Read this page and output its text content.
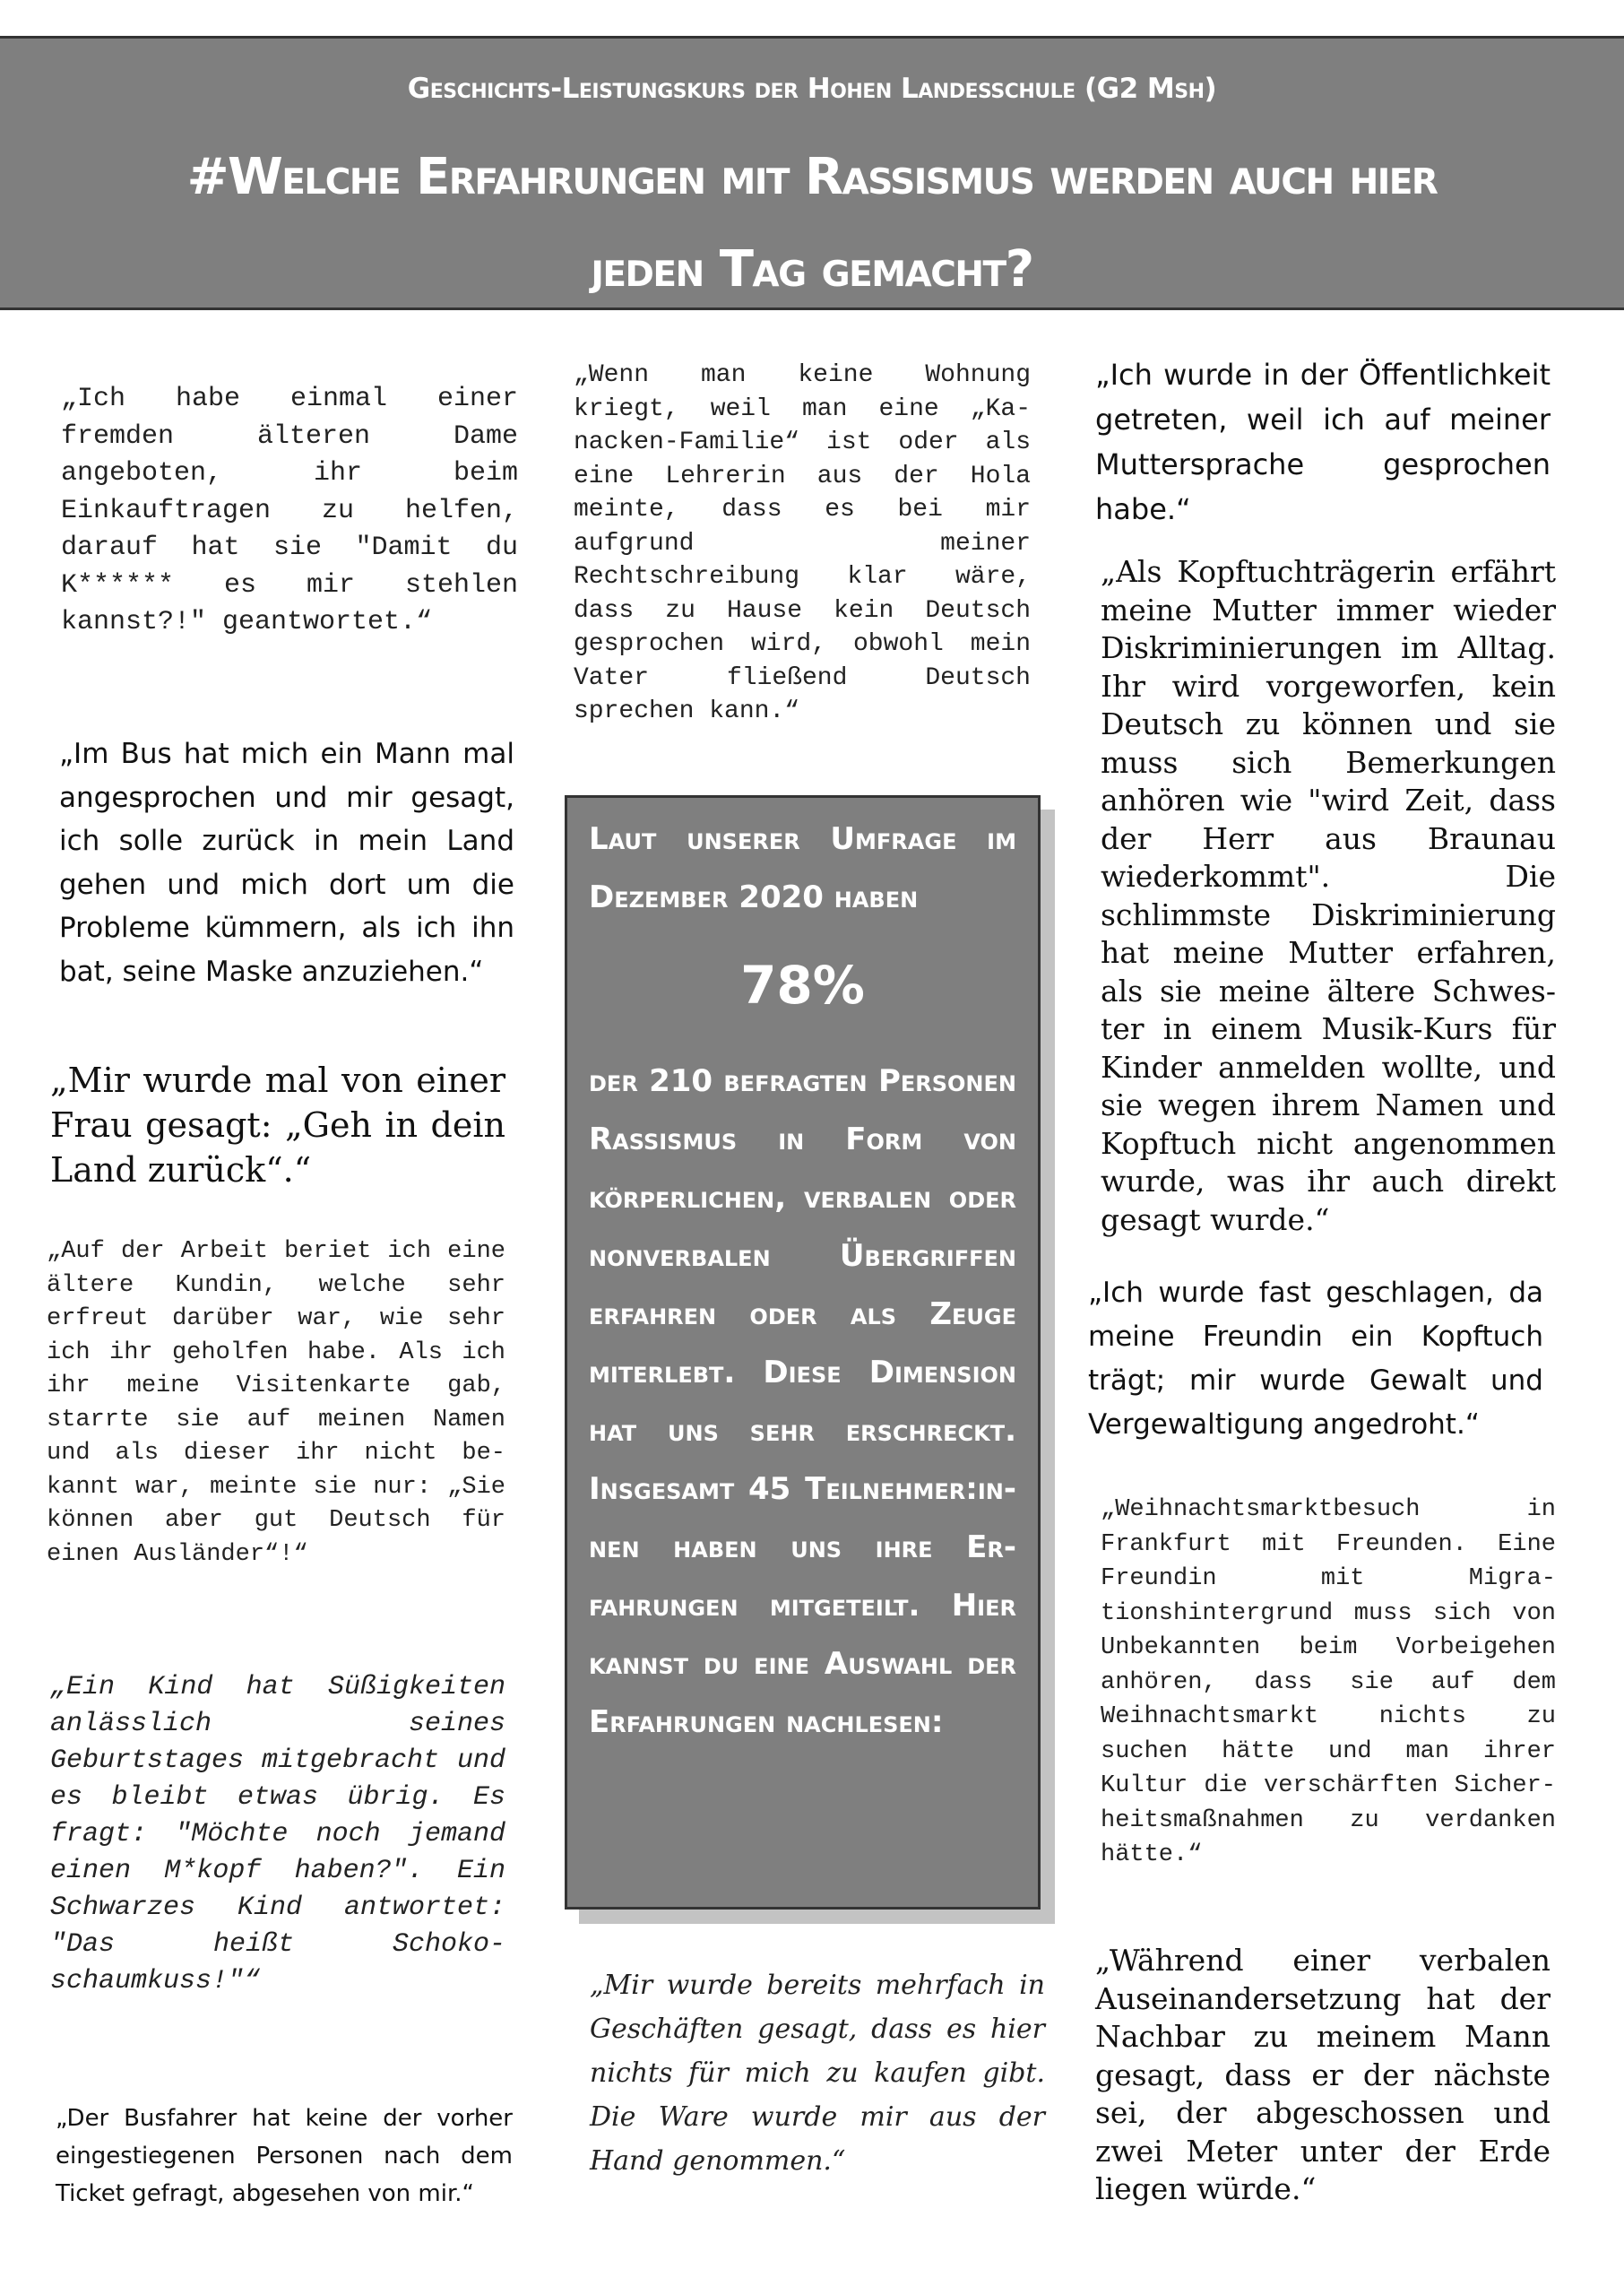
Geschichts-Leistungskurs der Hohen Landesschule (G2 Msh)
#Welche Erfahrungen mit Rassismus werden auch hier
jeden Tag gemacht?

„Ich habe einmal einer fremden älteren Dame angeboten, ihr beim Einkauftragen zu helfen, darauf hat sie "Damit du K****** es mir stehlen kannst?!" geantwortet.“

„Im Bus hat mich ein Mann mal angesprochen und mir gesagt, ich solle zurück in mein Land gehen und mich dort um die Probleme kümmern, als ich ihn bat, seine Maske anzuziehen.“

„Mir wurde mal von einer Frau gesagt: „Geh in dein Land zurück“.“

„Auf der Arbeit beriet ich eine ältere Kundin, welche sehr erfreut darüber war, wie sehr ich ihr geholfen habe. Als ich ihr meine Visitenkarte gab, starrte sie auf meinen Namen und als dieser ihr nicht bekannt war, meinte sie nur: „Sie können aber gut Deutsch für einen Ausländer“!“

„Ein Kind hat Süßigkeiten anlässlich seines Geburtstages mitgebracht und es bleibt etwas übrig. Es fragt: "Möchte noch jemand einen M*kopf haben?". Ein Schwarzes Kind antwortet: "Das heißt Schokoschaumkuss!"“

„Der Busfahrer hat keine der vorher eingestiegenen Personen nach dem Ticket gefragt, abgesehen von mir.“

„Wenn man keine Wohnung kriegt, weil man eine „Kanacken-Familie“ ist oder als eine Lehrerin aus der Hola meinte, dass es bei mir aufgrund meiner Rechtschreibung klar wäre, dass zu Hause kein Deutsch gesprochen wird, obwohl mein Vater fließend Deutsch sprechen kann.“

Laut unserer Umfrage im Dezember 2020 haben

78%

der 210 befragten Personen Rassismus in Form von körperlichen, verbalen oder nonverbalen Übergriffen erfahren oder als Zeuge miterlebt. Diese Dimension hat uns sehr erschreckt. Insgesamt 45 Teilnehmer:innen haben uns ihre Erfahrungen mitgeteilt. Hier kannst du eine Auswahl der Erfahrungen nachlesen:

„Mir wurde bereits mehrfach in Geschäften gesagt, dass es hier nichts für mich zu kaufen gibt. Die Ware wurde mir aus der Hand genommen.“

„Ich wurde in der Öffentlichkeit getreten, weil ich auf meiner Muttersprache gesprochen habe.“

„Als Kopftuchträgerin erfährt meine Mutter immer wieder Diskriminierungen im Alltag. Ihr wird vorgeworfen, kein Deutsch zu können und sie muss sich Bemerkungen anhören wie "wird Zeit, dass der Herr aus Braunau wiederkommt". Die schlimmste Diskriminierung hat meine Mutter erfahren, als sie meine ältere Schwester in einem Musik-Kurs für Kinder anmelden wollte, und sie wegen ihrem Namen und Kopftuch nicht angenommen wurde, was ihr auch direkt gesagt wurde.“

„Ich wurde fast geschlagen, da meine Freundin ein Kopftuch trägt; mir wurde Gewalt und Vergewaltigung angedroht.“

„Weihnachtsmarktbesuch in Frankfurt mit Freunden. Eine Freundin mit Migrationshintergrund muss sich von Unbekannten beim Vorbeigehen anhören, dass sie auf dem Weihnachtsmarkt nichts zu suchen hätte und man ihrer Kultur die verschärften Sicherheitsmaßnahmen zu verdanken hätte.“

„Während einer verbalen Auseinandersetzung hat der Nachbar zu meinem Mann gesagt, dass er der nächste sei, der abgeschossen und zwei Meter unter der Erde liegen würde.“
